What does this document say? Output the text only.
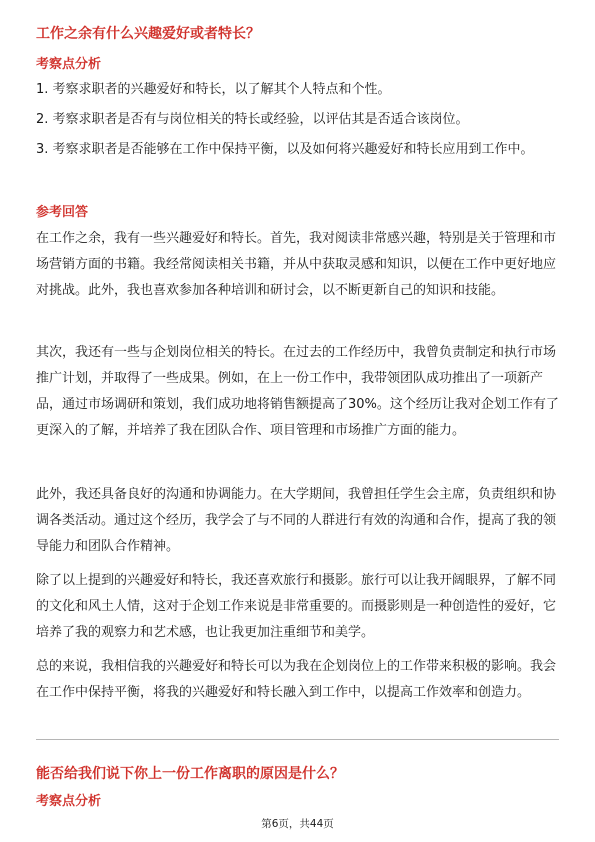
工作之余有什么兴趣爱好或者特长？
考察点分析

1. 考察求职者的兴趣爱好和特长，以了解其个人特点和个性。

2. 考察求职者是否有与岗位相关的特长或经验，以评估其是否适合该岗位。

3. 考察求职者是否能够在工作中保持平衡，以及如何将兴趣爱好和特长应用到工作中。

参考回答

在工作之余，我有一些兴趣爱好和特长。首先，我对阅读非常感兴趣，特别是关于管理和市场营销方面的书籍。我经常阅读相关书籍，并从中获取灵感和知识，以便在工作中更好地应对挑战。此外，我也喜欢参加各种培训和研讨会，以不断更新自己的知识和技能。

其次，我还有一些与企划岗位相关的特长。在过去的工作经历中，我曾负责制定和执行市场推广计划，并取得了一些成果。例如，在上一份工作中，我带领团队成功推出了一项新产品，通过市场调研和策划，我们成功地将销售额提高了30%。这个经历让我对企划工作有了更深入的了解，并培养了我在团队合作、项目管理和市场推广方面的能力。

此外，我还具备良好的沟通和协调能力。在大学期间，我曾担任学生会主席，负责组织和协调各类活动。通过这个经历，我学会了与不同的人群进行有效的沟通和合作，提高了我的领导能力和团队合作精神。

除了以上提到的兴趣爱好和特长，我还喜欢旅行和摄影。旅行可以让我开阔眼界，了解不同的文化和风土人情，这对于企划工作来说是非常重要的。而摄影则是一种创造性的爱好，它培养了我的观察力和艺术感，也让我更加注重细节和美学。

总的来说，我相信我的兴趣爱好和特长可以为我在企划岗位上的工作带来积极的影响。我会在工作中保持平衡，将我的兴趣爱好和特长融入到工作中，以提高工作效率和创造力。

能否给我们说下你上一份工作离职的原因是什么？
考察点分析
第6页，共44页
